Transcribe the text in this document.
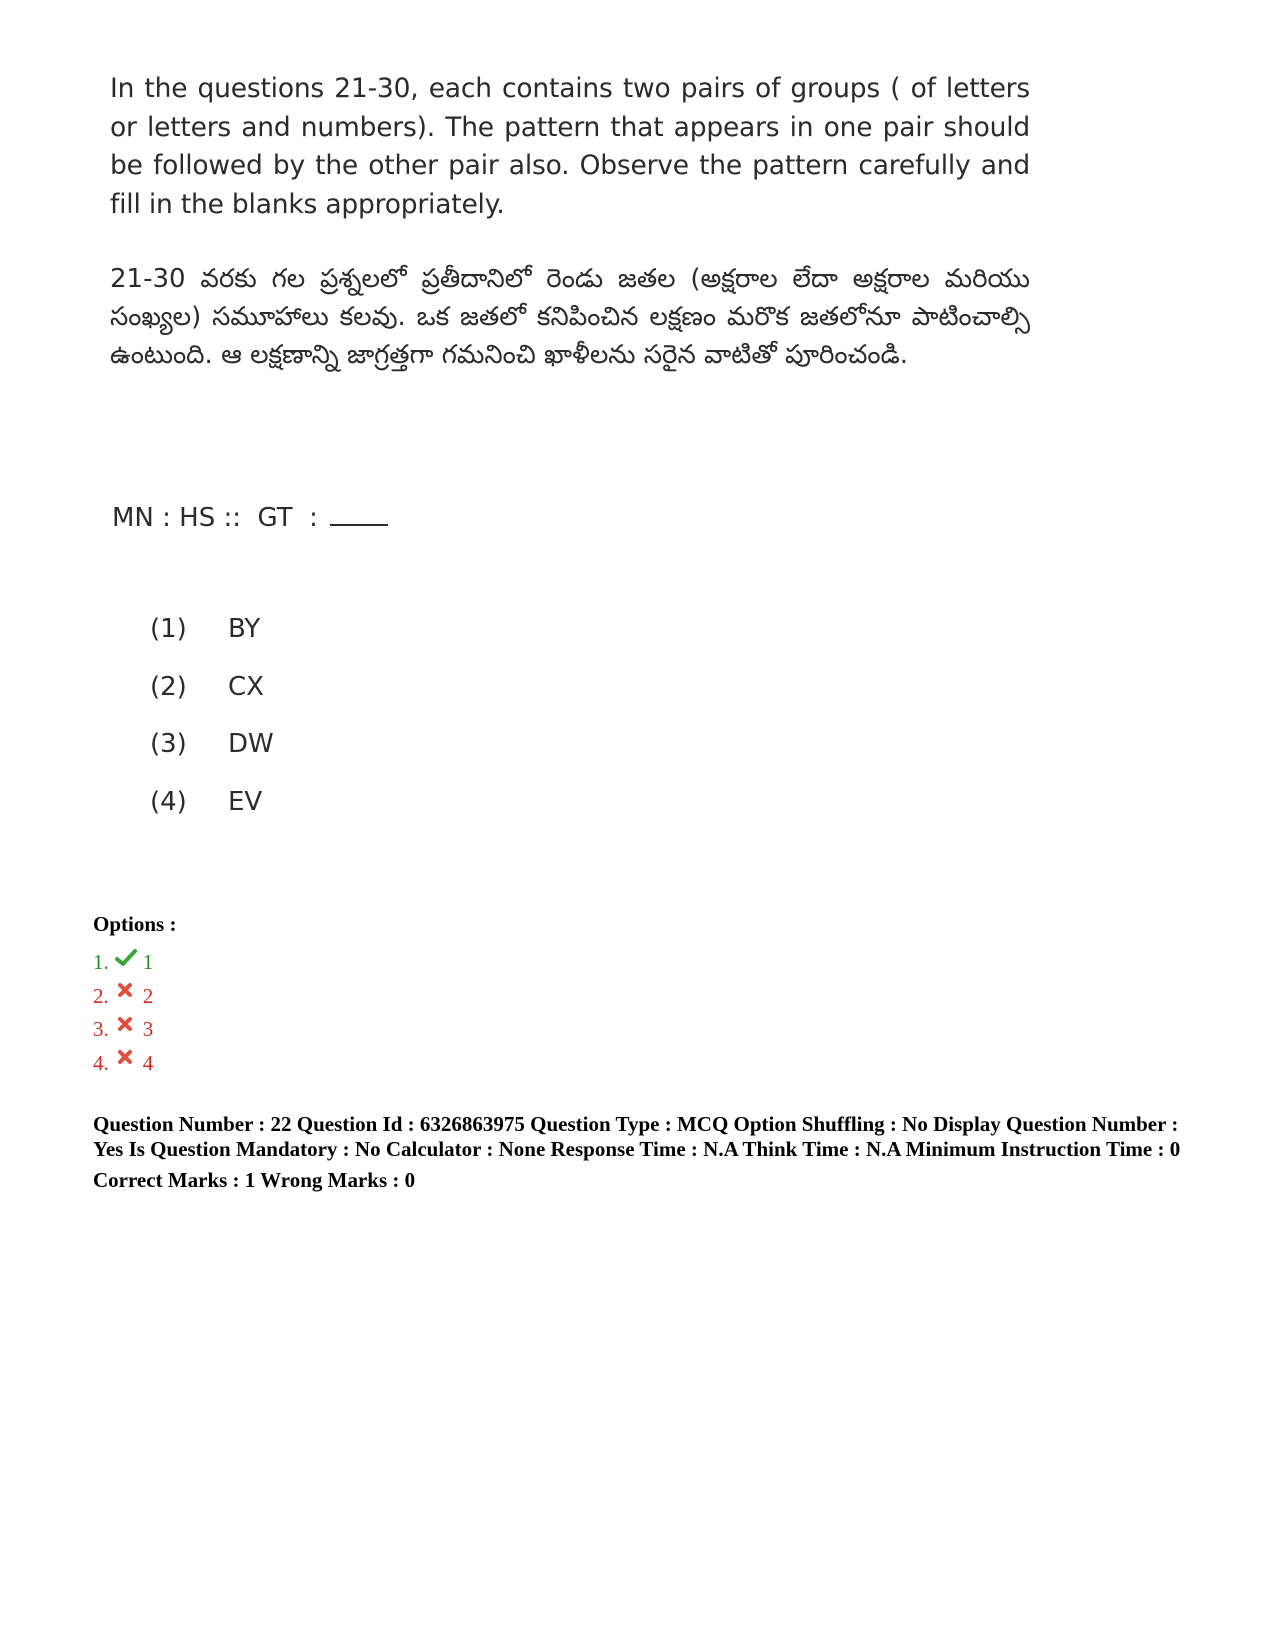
In the questions 21-30, each contains two pairs of groups ( of letters or letters and numbers). The pattern that appears in one pair should be followed by the other pair also. Observe the pattern carefully and fill in the blanks appropriately.

21-30 వరకు గల ప్రశ్నలలో ప్రతీదానిలో రెండు జతల (అక్షరాల లేదా అక్షరాల మరియు సంఖ్యల) సమూహాలు కలవు. ఒక జతలో కనిపించిన లక్షణం మరొక జతలోనూ పాటించాల్సి ఉంటుంది. ఆ లక్షణాన్ని జాగ్రత్తగా గమనించి ఖాళీలను సరైన వాటితో పూరించండి.

MN : HS ::  GT  :
(1)	BY
(2)	CX
(3)	DW
(4)	EV
Options :
1. 1
2. 2
3. 3
4. 4

Question Number : 22 Question Id : 6326863975 Question Type : MCQ Option Shuffling : No Display Question Number : Yes Is Question Mandatory : No Calculator : None Response Time : N.A Think Time : N.A Minimum Instruction Time : 0

Correct Marks : 1 Wrong Marks : 0
